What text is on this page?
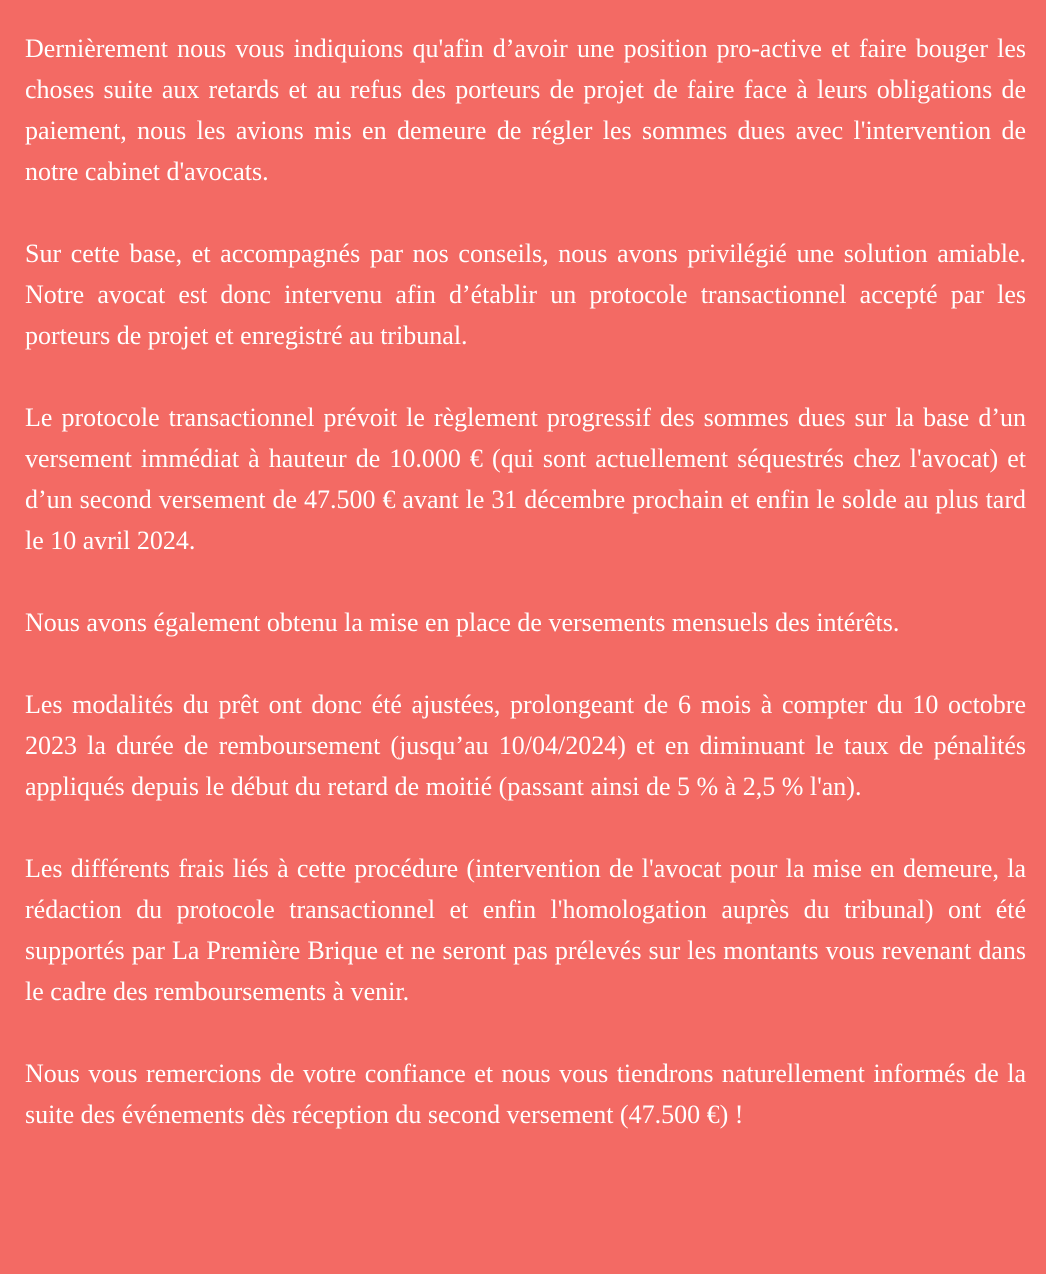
Dernièrement nous vous indiquions qu'afin d’avoir une position pro-active et faire bouger les choses suite aux retards et au refus des porteurs de projet de faire face à leurs obligations de paiement, nous les avions mis en demeure de régler les sommes dues avec l'intervention de notre cabinet d'avocats.

Sur cette base, et accompagnés par nos conseils, nous avons privilégié une solution amiable. Notre avocat est donc intervenu afin d’établir un protocole transactionnel accepté par les porteurs de projet et enregistré au tribunal.

Le protocole transactionnel prévoit le règlement progressif des sommes dues sur la base d’un versement immédiat à hauteur de 10.000 € (qui sont actuellement séquestrés chez l'avocat) et d’un second versement de 47.500 € avant le 31 décembre prochain et enfin le solde au plus tard le 10 avril 2024.

Nous avons également obtenu la mise en place de versements mensuels des intérêts.

Les modalités du prêt ont donc été ajustées, prolongeant de 6 mois à compter du 10 octobre 2023 la durée de remboursement (jusqu’au 10/04/2024) et en diminuant le taux de pénalités appliqués depuis le début du retard de moitié (passant ainsi de 5 % à 2,5 % l'an).

Les différents frais liés à cette procédure (intervention de l'avocat pour la mise en demeure, la rédaction du protocole transactionnel et enfin l'homologation auprès du tribunal) ont été supportés par La Première Brique et ne seront pas prélevés sur les montants vous revenant dans le cadre des remboursements à venir.

Nous vous remercions de votre confiance et nous vous tiendrons naturellement informés de la suite des événements dès réception du second versement (47.500 €) !
